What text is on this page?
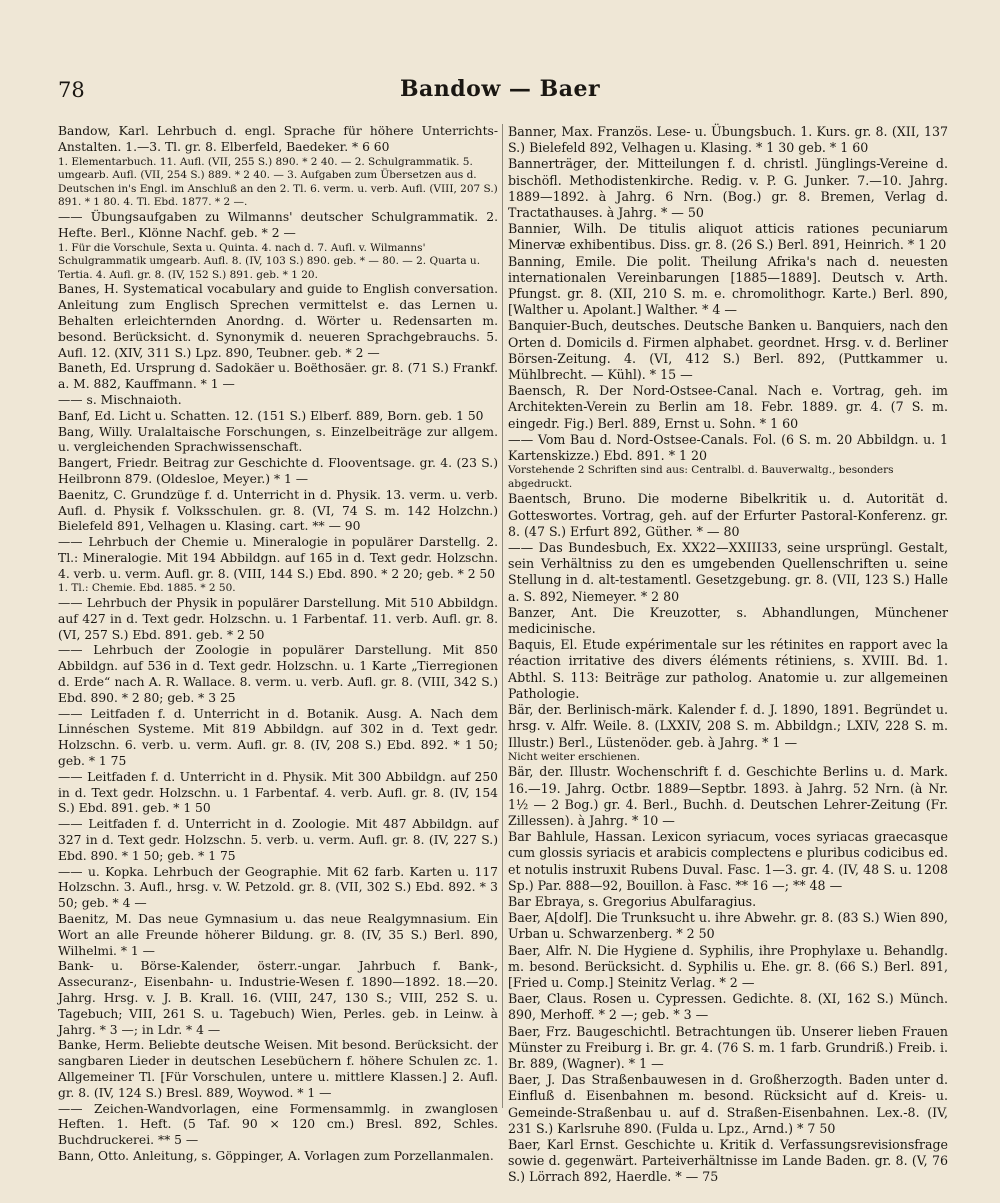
78	Bandow — Baer

Bandow, Karl. Lehrbuch d. engl. Sprache für höhere Unterrichts-Anstalten. 1.—3. Tl. gr. 8. Elberfeld, Baedeker. * 6 60

1. Elementarbuch. 11. Aufl. (VII, 255 S.) 890. * 2 40. — 2. Schulgrammatik. 5. umgearb. Aufl. (VII, 254 S.) 889. * 2 40. — 3. Aufgaben zum Übersetzen aus d. Deutschen in's Engl. im Anschluß an den 2. Tl. 6. verm. u. verb. Aufl. (VIII, 207 S.) 891. * 1 80. 4. Tl. Ebd. 1877. * 2 —.

—— Übungsaufgaben zu Wilmanns' deutscher Schulgrammatik. 2. Hefte. Berl., Klönne Nachf. geb. * 2 —

1. Für die Vorschule, Sexta u. Quinta. 4. nach d. 7. Aufl. v. Wilmanns' Schulgrammatik umgearb. Aufl. 8. (IV, 103 S.) 890. geb. * — 80. — 2. Quarta u. Tertia. 4. Aufl. gr. 8. (IV, 152 S.) 891. geb. * 1 20.

Banes, H. Systematical vocabulary and guide to English conversation. Anleitung zum Englisch Sprechen vermittelst e. das Lernen u. Behalten erleichternden Anordng. d. Wörter u. Redensarten m. besond. Berücksicht. d. Synonymik d. neueren Sprachgebrauchs. 5. Aufl. 12. (XIV, 311 S.) Lpz. 890, Teubner. geb. * 2 —

Baneth, Ed. Ursprung d. Sadokäer u. Boëthosäer. gr. 8. (71 S.) Frankf. a. M. 882, Kauffmann. * 1 —

—— s. Mischnaioth.

Banf, Ed. Licht u. Schatten. 12. (151 S.) Elberf. 889, Born. geb. 1 50

Bang, Willy. Uralaltaische Forschungen, s. Einzelbeiträge zur allgem. u. vergleichenden Sprachwissenschaft.

Bangert, Friedr. Beitrag zur Geschichte d. Flooventsage. gr. 4. (23 S.) Heilbronn 879. (Oldesloe, Meyer.) * 1 —

Baenitz, C. Grundzüge f. d. Unterricht in d. Physik. 13. verm. u. verb. Aufl. d. Physik f. Volksschulen. gr. 8. (VI, 74 S. m. 142 Holzchn.) Bielefeld 891, Velhagen u. Klasing. cart. ** — 90

—— Lehrbuch der Chemie u. Mineralogie in populärer Darstellg. 2. Tl.: Mineralogie. Mit 194 Abbildgn. auf 165 in d. Text gedr. Holzschn. 4. verb. u. verm. Aufl. gr. 8. (VIII, 144 S.) Ebd. 890. * 2 20; geb. * 2 50

1. Tl.: Chemie. Ebd. 1885. * 2 50.

—— Lehrbuch der Physik in populärer Darstellung. Mit 510 Abbildgn. auf 427 in d. Text gedr. Holzschn. u. 1 Farbentaf. 11. verb. Aufl. gr. 8. (VI, 257 S.) Ebd. 891. geb. * 2 50

—— Lehrbuch der Zoologie in populärer Darstellung. Mit 850 Abbildgn. auf 536 in d. Text gedr. Holzschn. u. 1 Karte „Tierregionen d. Erde“ nach A. R. Wallace. 8. verm. u. verb. Aufl. gr. 8. (VIII, 342 S.) Ebd. 890. * 2 80; geb. * 3 25

—— Leitfaden f. d. Unterricht in d. Botanik. Ausg. A. Nach dem Linnéschen Systeme. Mit 819 Abbildgn. auf 302 in d. Text gedr. Holzschn. 6. verb. u. verm. Aufl. gr. 8. (IV, 208 S.) Ebd. 892. * 1 50; geb. * 1 75

—— Leitfaden f. d. Unterricht in d. Physik. Mit 300 Abbildgn. auf 250 in d. Text gedr. Holzschn. u. 1 Farbentaf. 4. verb. Aufl. gr. 8. (IV, 154 S.) Ebd. 891. geb. * 1 50

—— Leitfaden f. d. Unterricht in d. Zoologie. Mit 487 Abbildgn. auf 327 in d. Text gedr. Holzschn. 5. verb. u. verm. Aufl. gr. 8. (IV, 227 S.) Ebd. 890. * 1 50; geb. * 1 75

—— u. Kopka. Lehrbuch der Geographie. Mit 62 farb. Karten u. 117 Holzschn. 3. Aufl., hrsg. v. W. Petzold. gr. 8. (VII, 302 S.) Ebd. 892. * 3 50; geb. * 4 —

Baenitz, M. Das neue Gymnasium u. das neue Realgymnasium. Ein Wort an alle Freunde höherer Bildung. gr. 8. (IV, 35 S.) Berl. 890, Wilhelmi. * 1 —

Bank- u. Börse-Kalender, österr.-ungar. Jahrbuch f. Bank-, Assecuranz-, Eisenbahn- u. Industrie-Wesen f. 1890—1892. 18.—20. Jahrg. Hrsg. v. J. B. Krall. 16. (VIII, 247, 130 S.; VIII, 252 S. u. Tagebuch; VIII, 261 S. u. Tagebuch) Wien, Perles. geb. in Leinw. à Jahrg. * 3 —; in Ldr. * 4 —

Banke, Herm. Beliebte deutsche Weisen. Mit besond. Berücksicht. der sangbaren Lieder in deutschen Lesebüchern f. höhere Schulen zc. 1. Allgemeiner Tl. [Für Vorschulen, untere u. mittlere Klassen.] 2. Aufl. gr. 8. (IV, 124 S.) Bresl. 889, Woywod. * 1 —

—— Zeichen-Wandvorlagen, eine Formensammlg. in zwanglosen Heften. 1. Heft. (5 Taf. 90 × 120 cm.) Bresl. 892, Schles. Buchdruckerei. ** 5 —

Bann, Otto. Anleitung, s. Göppinger, A. Vorlagen zum Porzellanmalen.

Banner, Max. Französ. Lese- u. Übungsbuch. 1. Kurs. gr. 8. (XII, 137 S.) Bielefeld 892, Velhagen u. Klasing. * 1 30 geb. * 1 60

Bannerträger, der. Mitteilungen f. d. christl. Jünglings-Vereine d. bischöfl. Methodistenkirche. Redig. v. P. G. Junker. 7.—10. Jahrg. 1889—1892. à Jahrg. 6 Nrn. (Bog.) gr. 8. Bremen, Verlag d. Tractathauses. à Jahrg. * — 50

Bannier, Wilh. De titulis aliquot atticis rationes pecuniarum Minervæ exhibentibus. Diss. gr. 8. (26 S.) Berl. 891, Heinrich. * 1 20

Banning, Emile. Die polit. Theilung Afrika's nach d. neuesten internationalen Vereinbarungen [1885—1889]. Deutsch v. Arth. Pfungst. gr. 8. (XII, 210 S. m. e. chromolithogr. Karte.) Berl. 890, [Walther u. Apolant.] Walther. * 4 —

Banquier-Buch, deutsches. Deutsche Banken u. Banquiers, nach den Orten d. Domicils d. Firmen alphabet. geordnet. Hrsg. v. d. Berliner Börsen-Zeitung. 4. (VI, 412 S.) Berl. 892, (Puttkammer u. Mühlbrecht. — Kühl). * 15 —

Baensch, R. Der Nord-Ostsee-Canal. Nach e. Vortrag, geh. im Architekten-Verein zu Berlin am 18. Febr. 1889. gr. 4. (7 S. m. eingedr. Fig.) Berl. 889, Ernst u. Sohn. * 1 60

—— Vom Bau d. Nord-Ostsee-Canals. Fol. (6 S. m. 20 Abbildgn. u. 1 Kartenskizze.) Ebd. 891. * 1 20

Vorstehende 2 Schriften sind aus: Centralbl. d. Bauverwaltg., besonders abgedruckt.

Baentsch, Bruno. Die moderne Bibelkritik u. d. Autorität d. Gotteswortes. Vortrag, geh. auf der Erfurter Pastoral-Konferenz. gr. 8. (47 S.) Erfurt 892, Güther. * — 80

—— Das Bundesbuch, Ex. XX22—XXIII33, seine ursprüngl. Gestalt, sein Verhältniss zu den es umgebenden Quellenschriften u. seine Stellung in d. alt-testamentl. Gesetzgebung. gr. 8. (VII, 123 S.) Halle a. S. 892, Niemeyer. * 2 80

Banzer, Ant. Die Kreuzotter, s. Abhandlungen, Münchener medicinische.

Baquis, El. Etude expérimentale sur les rétinites en rapport avec la réaction irritative des divers éléments rétiniens, s. XVIII. Bd. 1. Abthl. S. 113: Beiträge zur patholog. Anatomie u. zur allgemeinen Pathologie.

Bär, der. Berlinisch-märk. Kalender f. d. J. 1890, 1891. Begründet u. hrsg. v. Alfr. Weile. 8. (LXXIV, 208 S. m. Abbildgn.; LXIV, 228 S. m. Illustr.) Berl., Lüstenöder. geb. à Jahrg. * 1 —

Nicht weiter erschienen.

Bär, der. Illustr. Wochenschrift f. d. Geschichte Berlins u. d. Mark. 16.—19. Jahrg. Octbr. 1889—Septbr. 1893. à Jahrg. 52 Nrn. (à Nr. 1½ — 2 Bog.) gr. 4. Berl., Buchh. d. Deutschen Lehrer-Zeitung (Fr. Zillessen). à Jahrg. * 10 —

Bar Bahlule, Hassan. Lexicon syriacum, voces syriacas graecasque cum glossis syriacis et arabicis complectens e pluribus codicibus ed. et notulis instruxit Rubens Duval. Fasc. 1—3. gr. 4. (IV, 48 S. u. 1208 Sp.) Par. 888—92, Bouillon. à Fasc. ** 16 —; ** 48 —

Bar Ebraya, s. Gregorius Abulfaragius.

Baer, A[dolf]. Die Trunksucht u. ihre Abwehr. gr. 8. (83 S.) Wien 890, Urban u. Schwarzenberg. * 2 50

Baer, Alfr. N. Die Hygiene d. Syphilis, ihre Prophylaxe u. Behandlg. m. besond. Berücksicht. d. Syphilis u. Ehe. gr. 8. (66 S.) Berl. 891, [Fried u. Comp.] Steinitz Verlag. * 2 —

Baer, Claus. Rosen u. Cypressen. Gedichte. 8. (XI, 162 S.) Münch. 890, Merhoff. * 2 —; geb. * 3 —

Baer, Frz. Baugeschichtl. Betrachtungen üb. Unserer lieben Frauen Münster zu Freiburg i. Br. gr. 4. (76 S. m. 1 farb. Grundriß.) Freib. i. Br. 889, (Wagner). * 1 —

Baer, J. Das Straßenbauwesen in d. Großherzogth. Baden unter d. Einfluß d. Eisenbahnen m. besond. Rücksicht auf d. Kreis- u. Gemeinde-Straßenbau u. auf d. Straßen-Eisenbahnen. Lex.-8. (IV, 231 S.) Karlsruhe 890. (Fulda u. Lpz., Arnd.) * 7 50

Baer, Karl Ernst. Geschichte u. Kritik d. Verfassungsrevisionsfrage sowie d. gegenwärt. Parteiverhältnisse im Lande Baden. gr. 8. (V, 76 S.) Lörrach 892, Haerdle. * — 75
